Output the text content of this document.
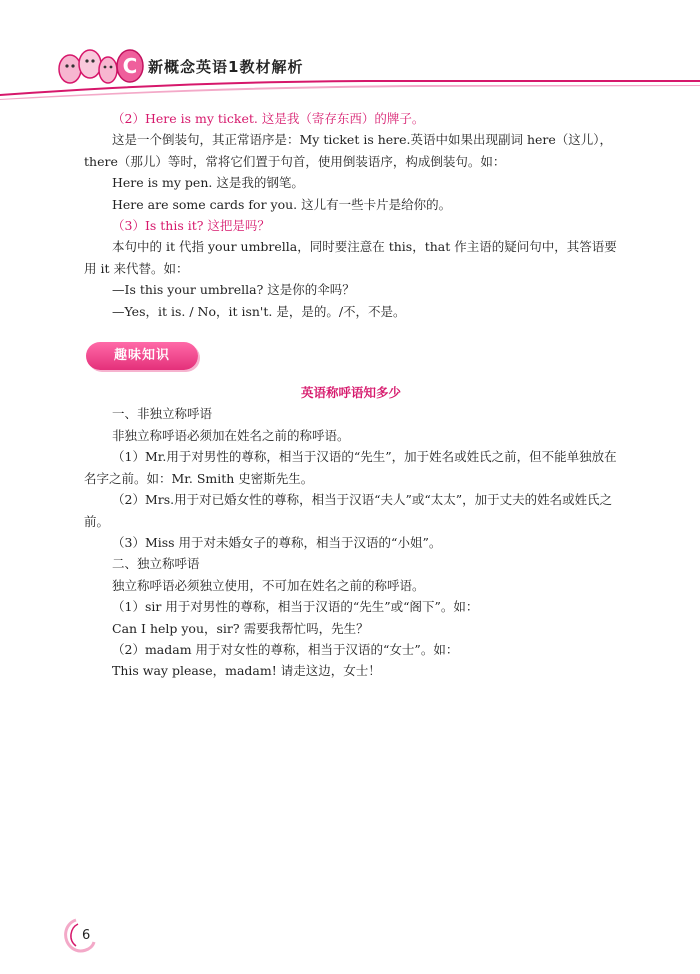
C 新概念英语1教材解析

（2）Here is my ticket. 这是我（寄存东西）的牌子。

这是一个倒装句，其正常语序是：My ticket is here.英语中如果出现副词 here（这儿），there（那儿）等时，常将它们置于句首，使用倒装语序，构成倒装句。如：

Here is my pen. 这是我的钢笔。

Here are some cards for you. 这儿有一些卡片是给你的。

（3）Is this it? 这把是吗？

本句中的 it 代指 your umbrella，同时要注意在 this，that 作主语的疑问句中，其答语要用 it 来代替。如：

—Is this your umbrella? 这是你的伞吗？

—Yes，it is. / No，it isn't. 是，是的。/不，不是。

趣味知识

英语称呼语知多少

一、非独立称呼语

非独立称呼语必须加在姓名之前的称呼语。

（1）Mr.用于对男性的尊称，相当于汉语的“先生”，加于姓名或姓氏之前，但不能单独放在名字之前。如：Mr. Smith 史密斯先生。

（2）Mrs.用于对已婚女性的尊称，相当于汉语“夫人”或“太太”，加于丈夫的姓名或姓氏之前。

（3）Miss 用于对未婚女子的尊称，相当于汉语的“小姐”。

二、独立称呼语

独立称呼语必须独立使用，不可加在姓名之前的称呼语。

（1）sir 用于对男性的尊称，相当于汉语的“先生”或“阁下”。如：

Can I help you，sir? 需要我帮忙吗，先生？

（2）madam 用于对女性的尊称，相当于汉语的“女士”。如：

This way please，madam! 请走这边，女士！

6
